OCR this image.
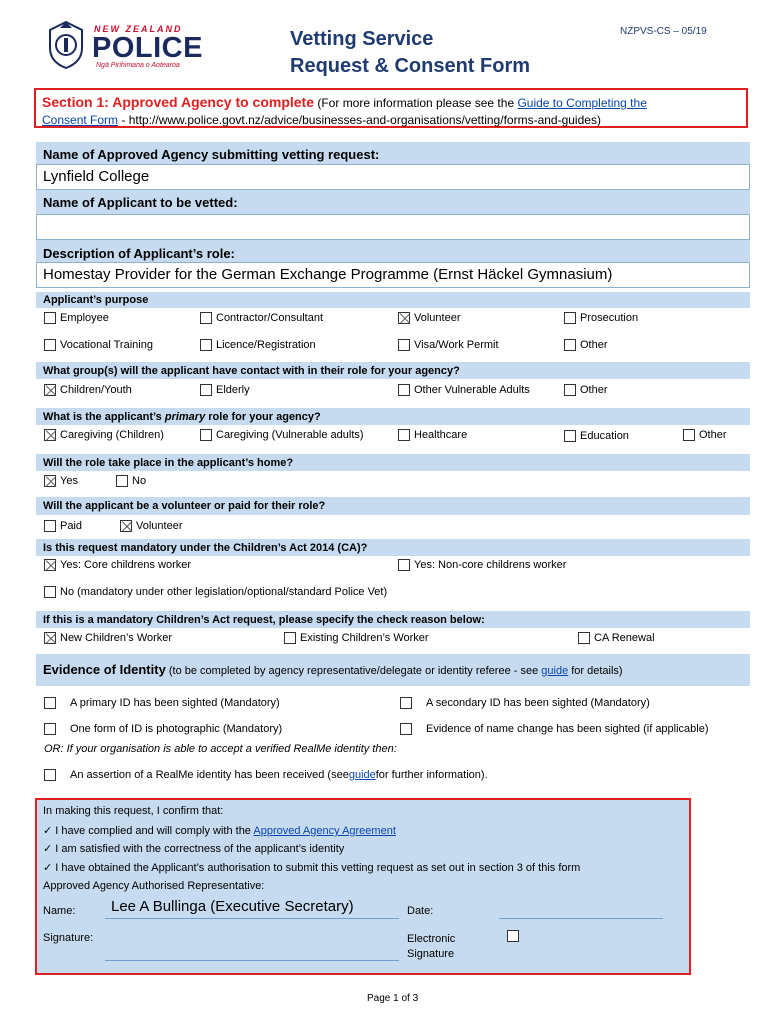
NEW ZEALAND
POLICE
Ngā Pirihimana o Aotearoa
Vetting Service
Request & Consent Form
NZPVS-CS – 05/19
Section 1: Approved Agency to complete (For more information please see the Guide to Completing the
Consent Form - http://www.police.govt.nz/advice/businesses-and-organisations/vetting/forms-and-guides)
Name of Approved Agency submitting vetting request:
Lynfield College
Name of Applicant to be vetted:
Description of Applicant’s role:
Homestay Provider for the German Exchange Programme (Ernst Häckel Gymnasium)
Applicant’s purpose
Employee	Contractor/Consultant	Volunteer	Prosecution
Vocational Training	Licence/Registration	Visa/Work Permit	Other
What group(s) will the applicant have contact with in their role for your agency?
Children/Youth	Elderly	Other Vulnerable Adults	Other
What is the applicant’s primary role for your agency?
Caregiving (Children)	Caregiving (Vulnerable adults)	Healthcare	Education	Other
Will the role take place in the applicant’s home?
Yes	No
Will the applicant be a volunteer or paid for their role?
Paid	Volunteer
Is this request mandatory under the Children’s Act 2014 (CA)?
Yes: Core childrens worker	Yes: Non-core childrens worker
No (mandatory under other legislation/optional/standard Police Vet)
If this is a mandatory Children’s Act request, please specify the check reason below:
New Children’s Worker	Existing Children’s Worker	CA Renewal
Evidence of Identity (to be completed by agency representative/delegate or identity referee - see guide for details)
A primary ID has been sighted (Mandatory)	A secondary ID has been sighted (Mandatory)
One form of ID is photographic (Mandatory)	Evidence of name change has been sighted (if applicable)
OR: If your organisation is able to accept a verified RealMe identity then:
An assertion of a RealMe identity has been received (see guide for further information).
In making this request, I confirm that:
✓ I have complied and will comply with the Approved Agency Agreement
✓ I am satisfied with the correctness of the applicant’s identity
✓ I have obtained the Applicant’s authorisation to submit this vetting request as set out in section 3 of this form
Approved Agency Authorised Representative:
Name: Lee A Bullinga (Executive Secretary)	Date:
Signature:	Electronic
Signature
Page 1 of 3
